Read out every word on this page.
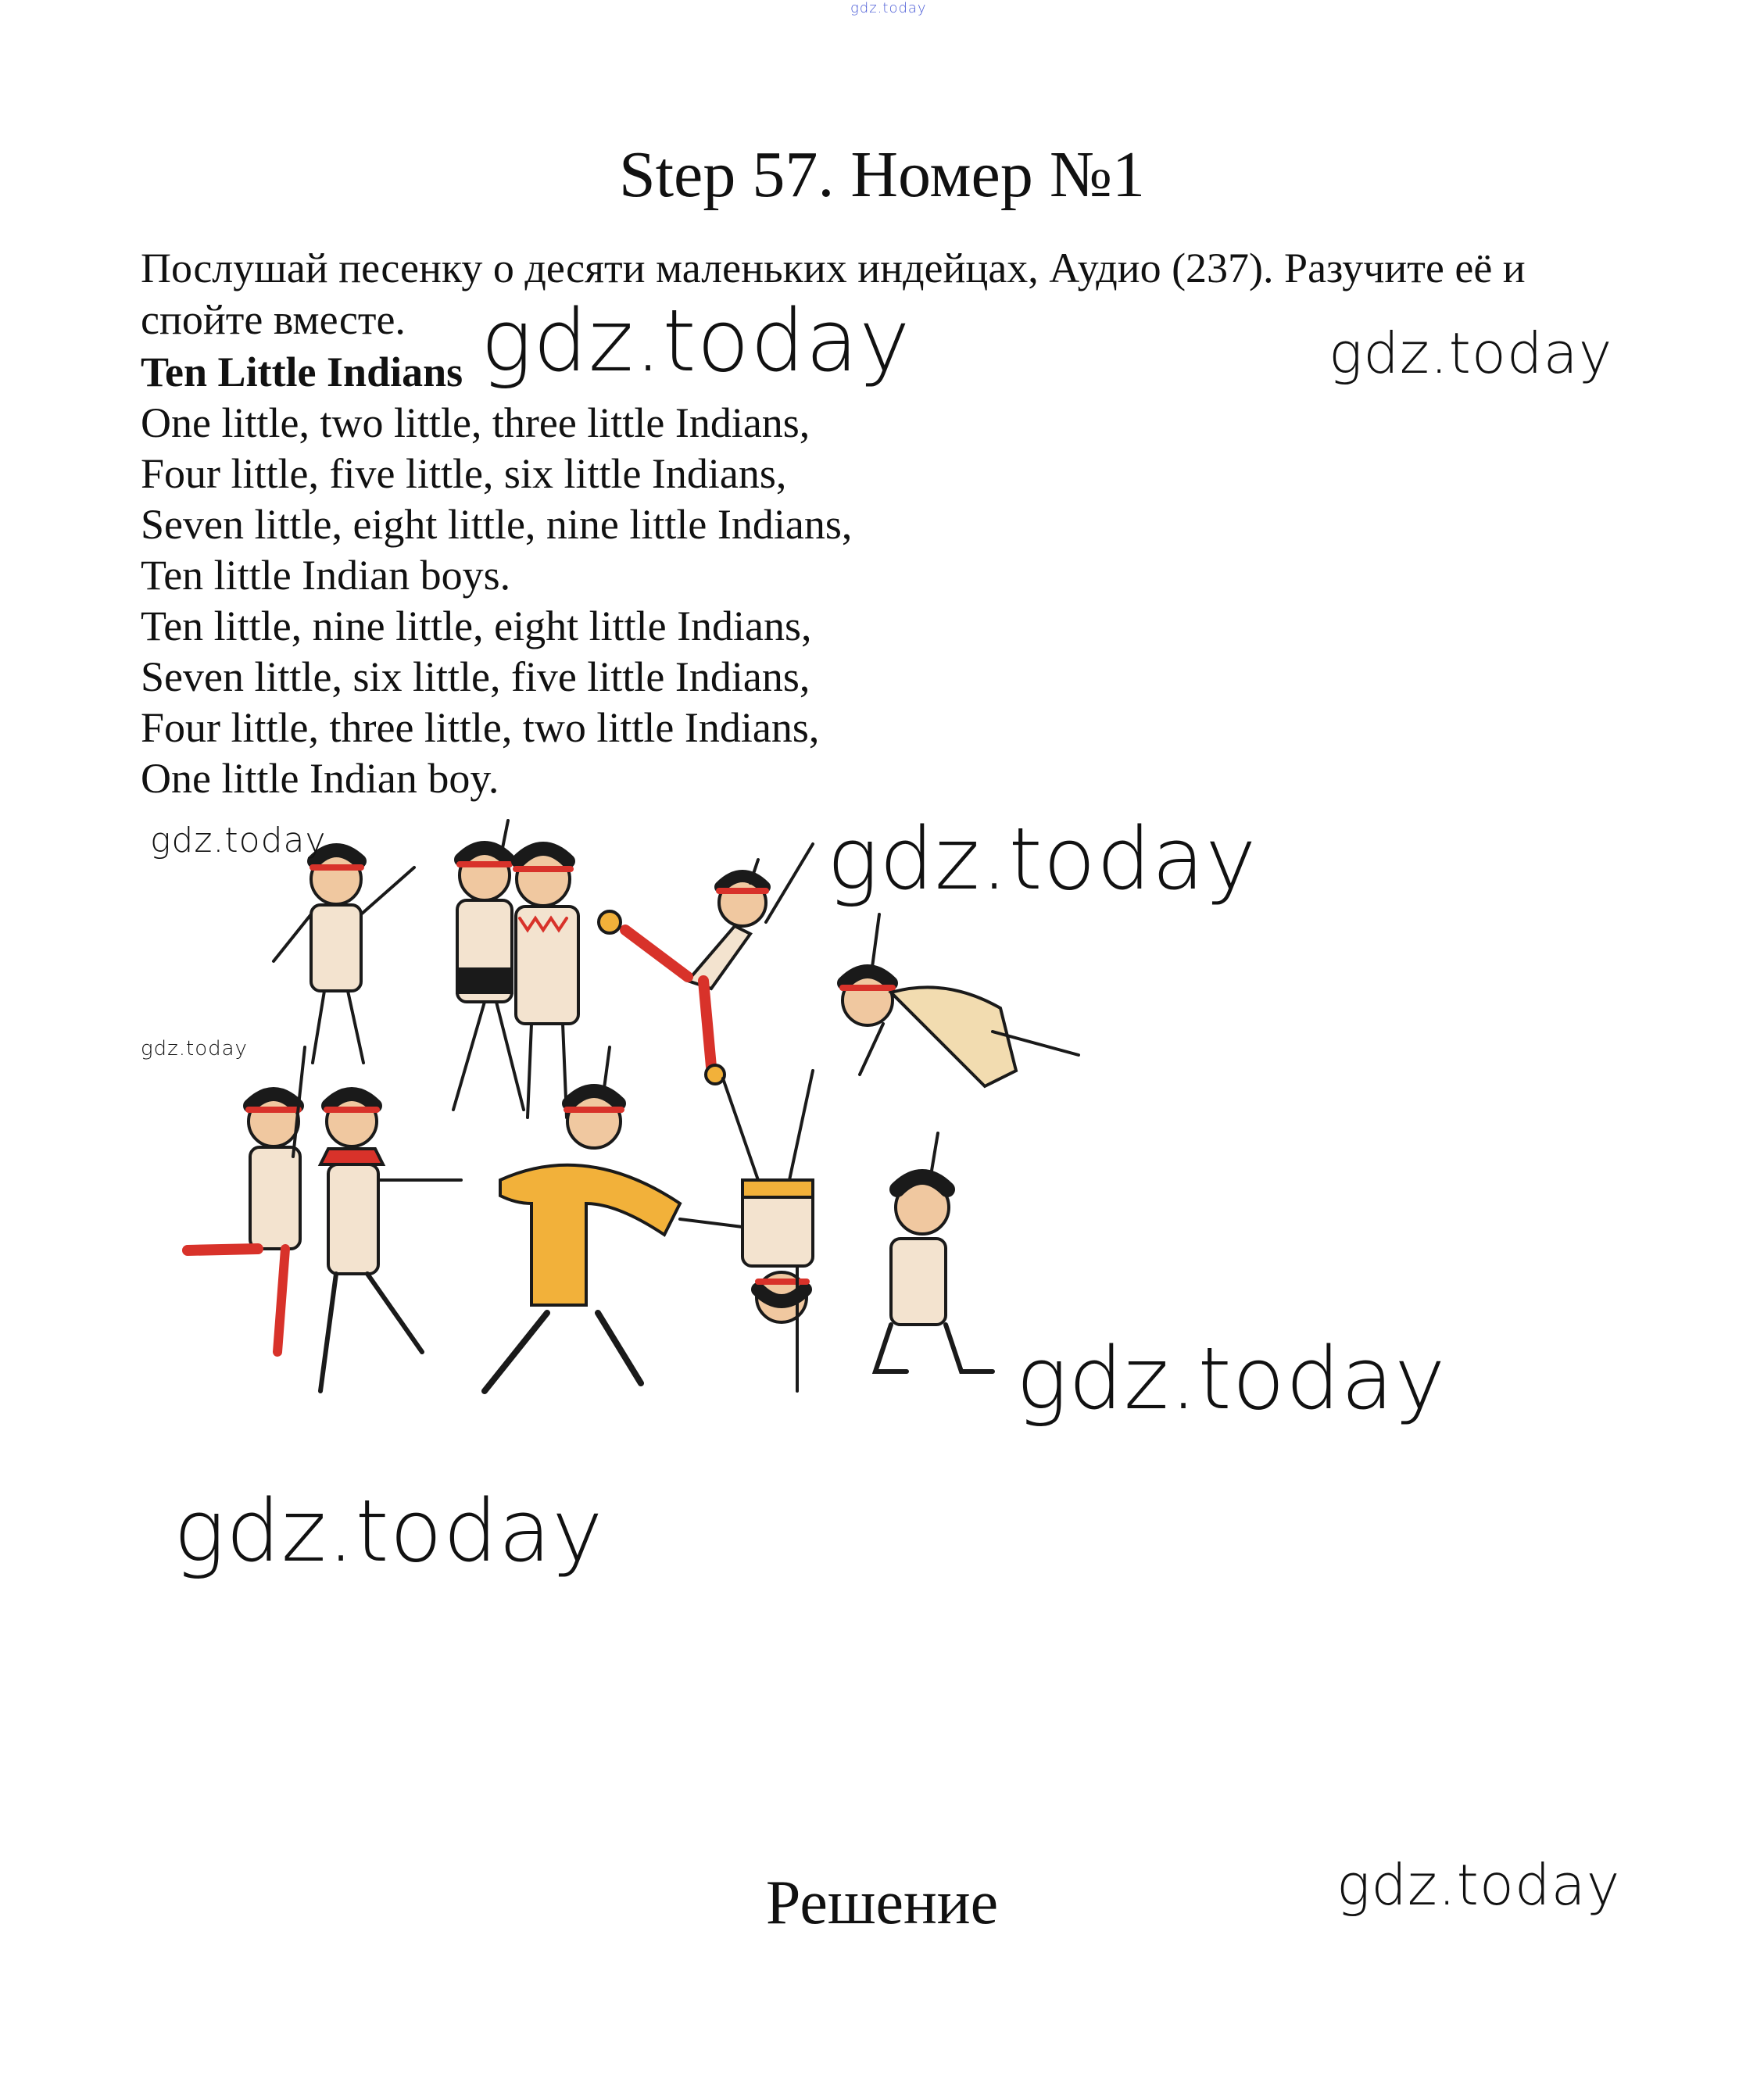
gdz.today
Step 57. Номер №1
Послушай песенку о десяти маленьких индейцах, Аудио (237). Разучите её и спойте вместе.
Ten Little Indians
One little, two little, three little Indians,
Four little, five little, six little Indians,
Seven little, eight little, nine little Indians,
Ten little Indian boys.
Ten little, nine little, eight little Indians,
Seven little, six little, five little Indians,
Four little, three little, two little Indians,
One little Indian boy.
gdz.today	gdz.today
gdz.today	gdz.today
gdz.today
gdz.today
gdz.today
gdz.today
Решение
